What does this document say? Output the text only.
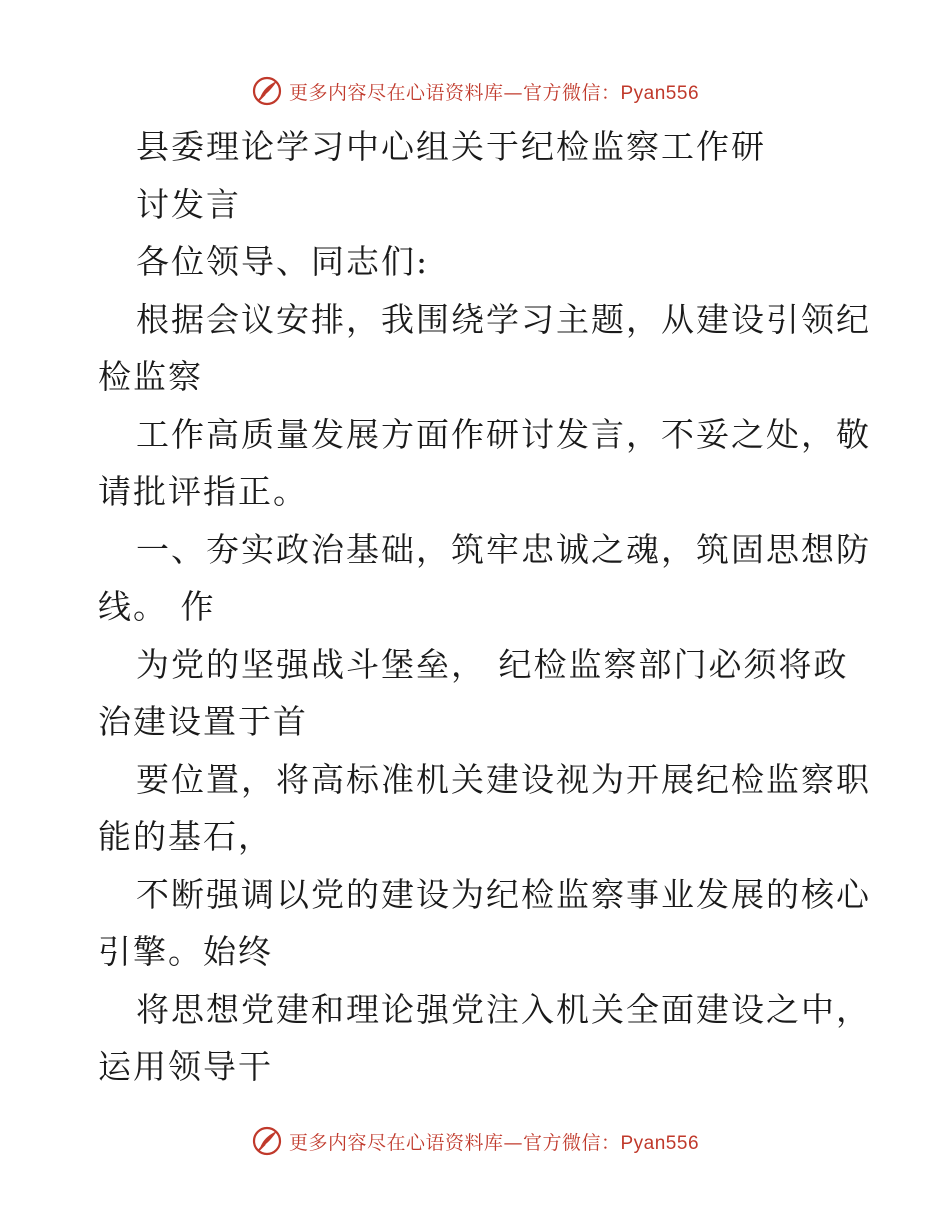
更多内容尽在心语资料库—官方微信：Pyan556
县委理论学习中心组关于纪检监察工作研
讨发言
各位领导、同志们:
根据会议安排，我围绕学习主题，从建设引领纪
检监察
工作高质量发展方面作研讨发言，不妥之处，敬
请批评指正。
一、夯实政治基础，筑牢忠诚之魂，筑固思想防
线。 作
为党的坚强战斗堡垒， 纪检监察部门必须将政
治建设置于首
要位置，将高标准机关建设视为开展纪检监察职
能的基石，
不断强调以党的建设为纪检监察事业发展的核心
引擎。始终
将思想党建和理论强党注入机关全面建设之中，
运用领导干
更多内容尽在心语资料库—官方微信：Pyan556
